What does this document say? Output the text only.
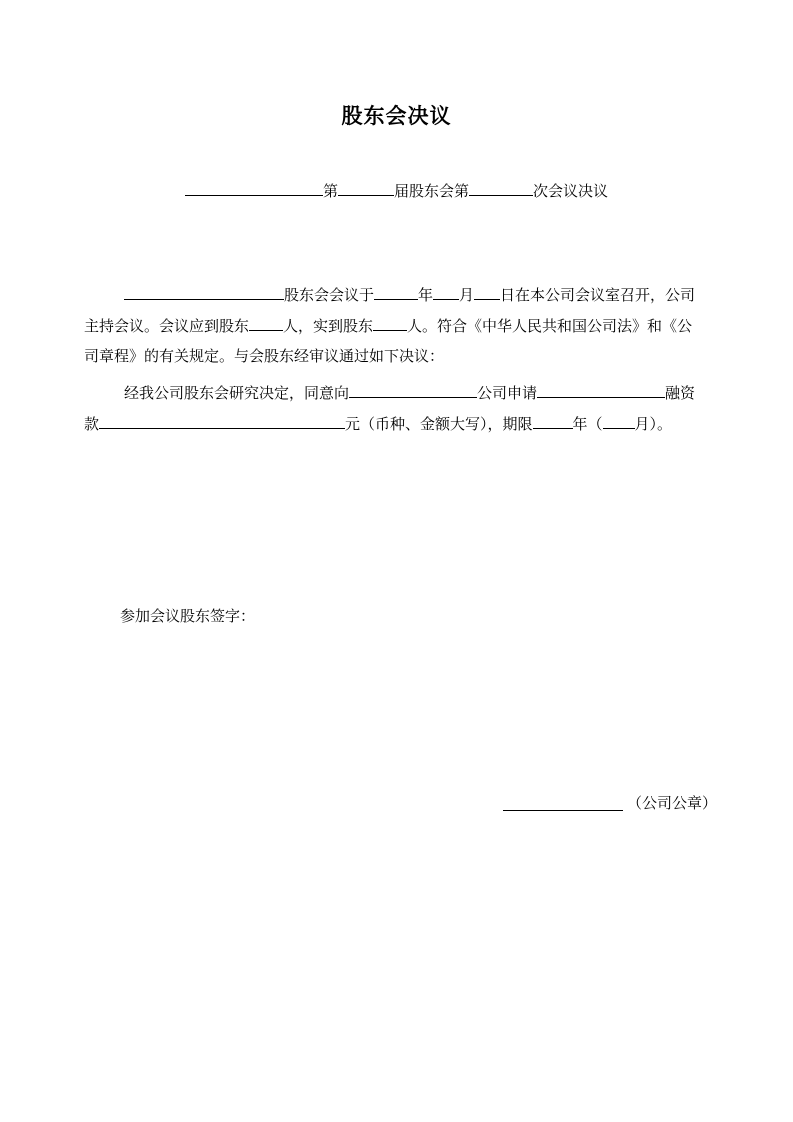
股东会决议
第	届股东会第	次会议决议
股东会会议于	年 月 日在本公司会议室召开，公司
主持会议。会议应到股东 人，实到股东 人。符合《中华人民共和国公司法》和《公
司章程》的有关规定。与会股东经审议通过如下决议：
经我公司股东会研究决定，同意向	公司申请	融资
款	元（币种、金额大写），期限	年（ 月）。
参加会议股东签字：
（公司公章）
